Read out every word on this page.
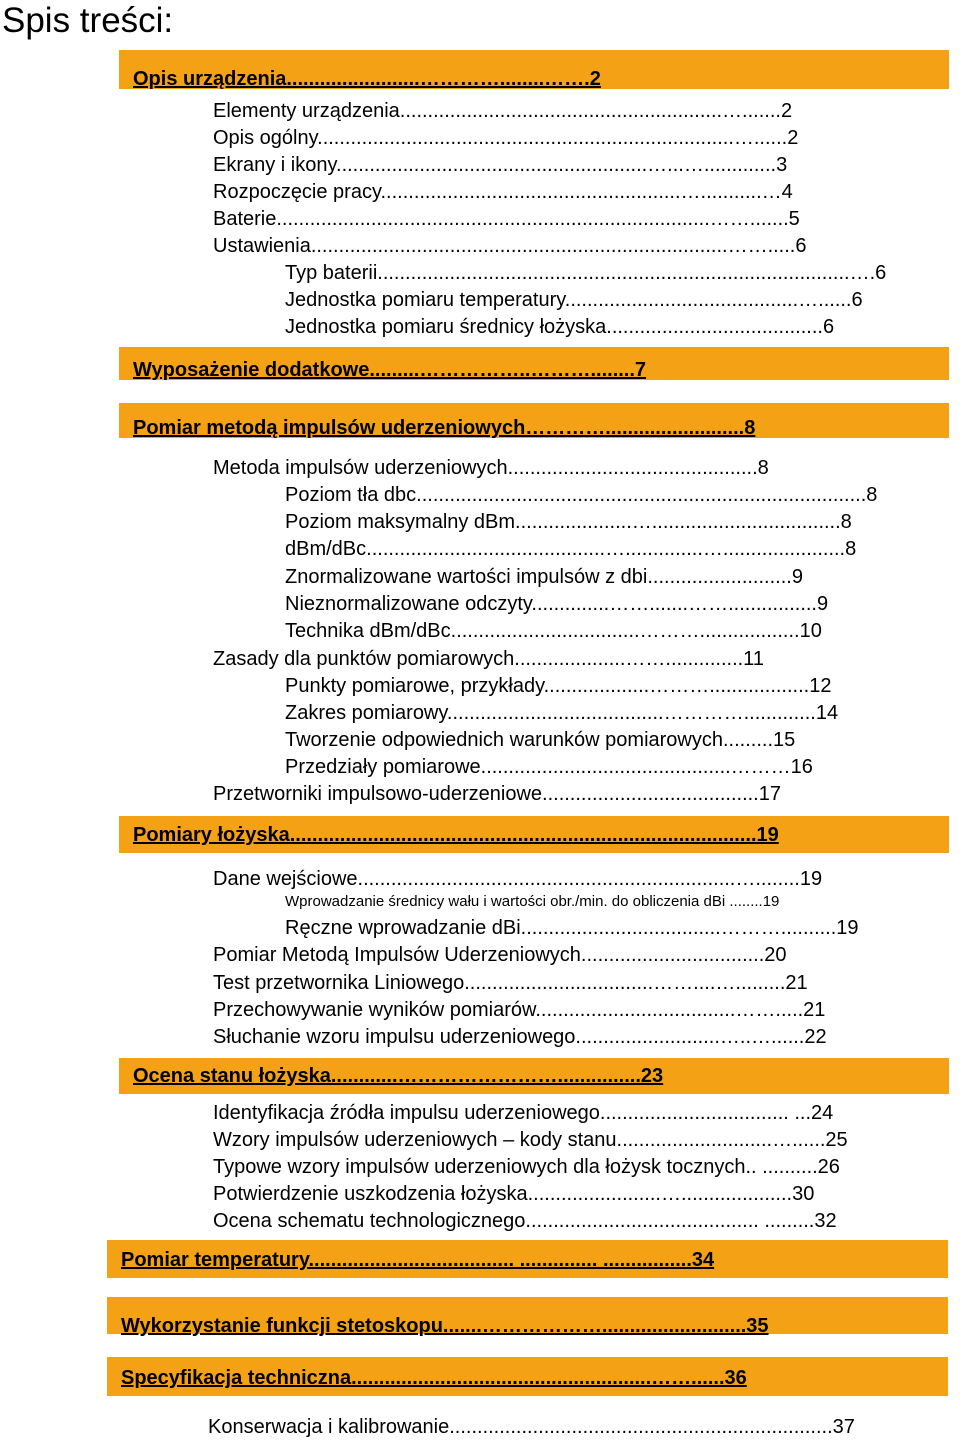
Spis treści:
Opis urządzenia........................…………........…….2
Wyposażenie dodatkowe.........……………..………........7
Pomiar metodą impulsów uderzeniowych………….........................8
Pomiary łożyska....................................................................................19
Ocena stanu łożyska............……………………...............23
Pomiar temperatury..................................... .............. ................34
Wykorzystanie funkcji stetoskopu.......………………..........................35
Specyfikacja techniczna......................................................……......36
Elementy urządzenia..........................................................….......2
Opis ogólny...........................................................................…......2
Ekrany i ikony........................................................…...….............3
Rozpoczęcie pracy......................................................…...........…4
Baterie..............................................................................…….......5
Ustawienia...........................................................................…….....6
Typ baterii.....................................................................................….6
Jednostka pomiaru temperatury..........................................…......6
Jednostka pomiaru średnicy łożyska.......................................6
Metoda impulsów uderzeniowych.............................................8
Poziom tła dbc.................................................................................8
Poziom maksymalny dBm.....................…..................................8
dBm/dBc...........................................…..............…......................8
Znormalizowane wartości impulsów z dbi..........................9
Nieznormalizowane odczyty..............…….......……................9
Technika dBm/dBc..................................………..................10
Zasady dla punktów pomiarowych....................……..............11
Punkty pomiarowe, przykłady...................………..................12
Zakres pomiarowy.......................................………….............14
Tworzenie odpowiednich warunków pomiarowych.........15
Przedziały pomiarowe.............................................………16
Przetworniki impulsowo-uderzeniowe.......................................17
Dane wejściowe....................................................................…........19
Wprowadzanie średnicy wału i wartości obr./min. do obliczenia dBi ........19
Ręczne wprowadzanie dBi....................................………..........19
Pomiar Metodą Impulsów Uderzeniowych.................................20
Test przetwornika Liniowego..................................……....….........21
Przechowywanie wyników pomiarów....................................…….....21
Słuchanie wzoru impulsu uderzeniowego..........................…..…......22
Identyfikacja źródła impulsu uderzeniowego.................................. ...24
Wzory impulsów uderzeniowych – kody stanu............................…......25
Typowe wzory impulsów uderzeniowych dla łożysk tocznych.. ..........26
Potwierdzenie uszkodzenia łożyska........................…....................30
Ocena schematu technologicznego.......................................... .........32
Konserwacja i kalibrowanie.....................................................................37
